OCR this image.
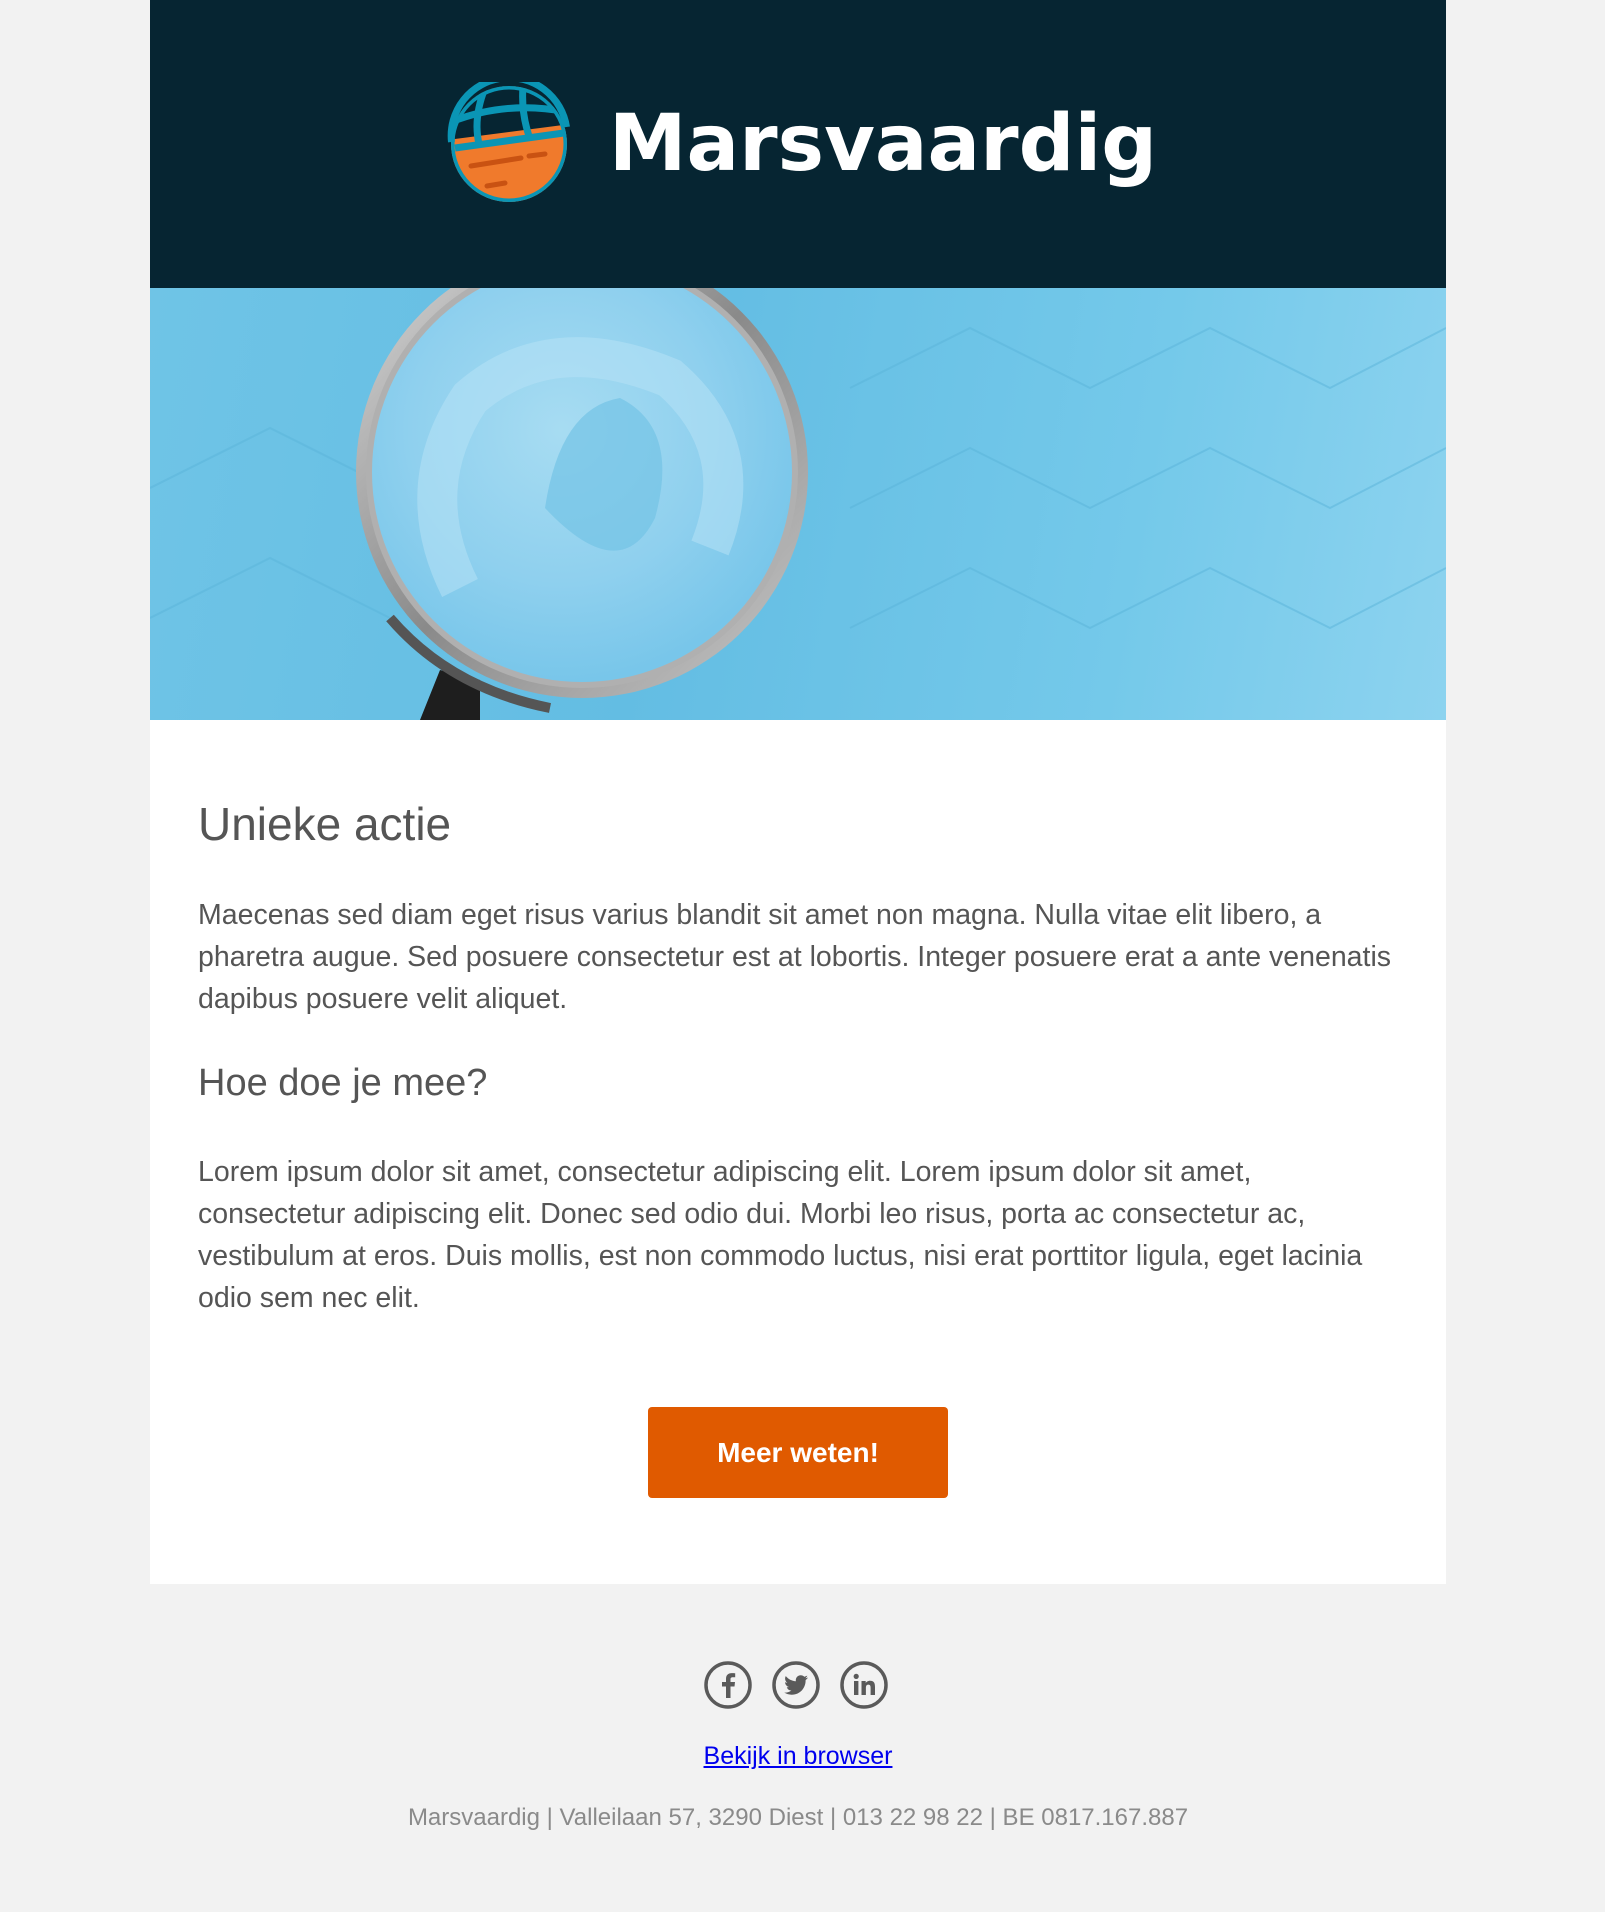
Marsvaardig
Unieke actie

Maecenas sed diam eget risus varius blandit sit amet non magna. Nulla vitae elit libero, a pharetra augue. Sed posuere consectetur est at lobortis. Integer posuere erat a ante venenatis dapibus posuere velit aliquet.

Hoe doe je mee?

Lorem ipsum dolor sit amet, consectetur adipiscing elit. Lorem ipsum dolor sit amet, consectetur adipiscing elit. Donec sed odio dui. Morbi leo risus, porta ac consectetur ac, vestibulum at eros. Duis mollis, est non commodo luctus, nisi erat porttitor ligula, eget lacinia odio sem nec elit.

Meer weten!
Bekijk in browser
Marsvaardig | Valleilaan 57, 3290 Diest | 013 22 98 22 | BE 0817.167.887
